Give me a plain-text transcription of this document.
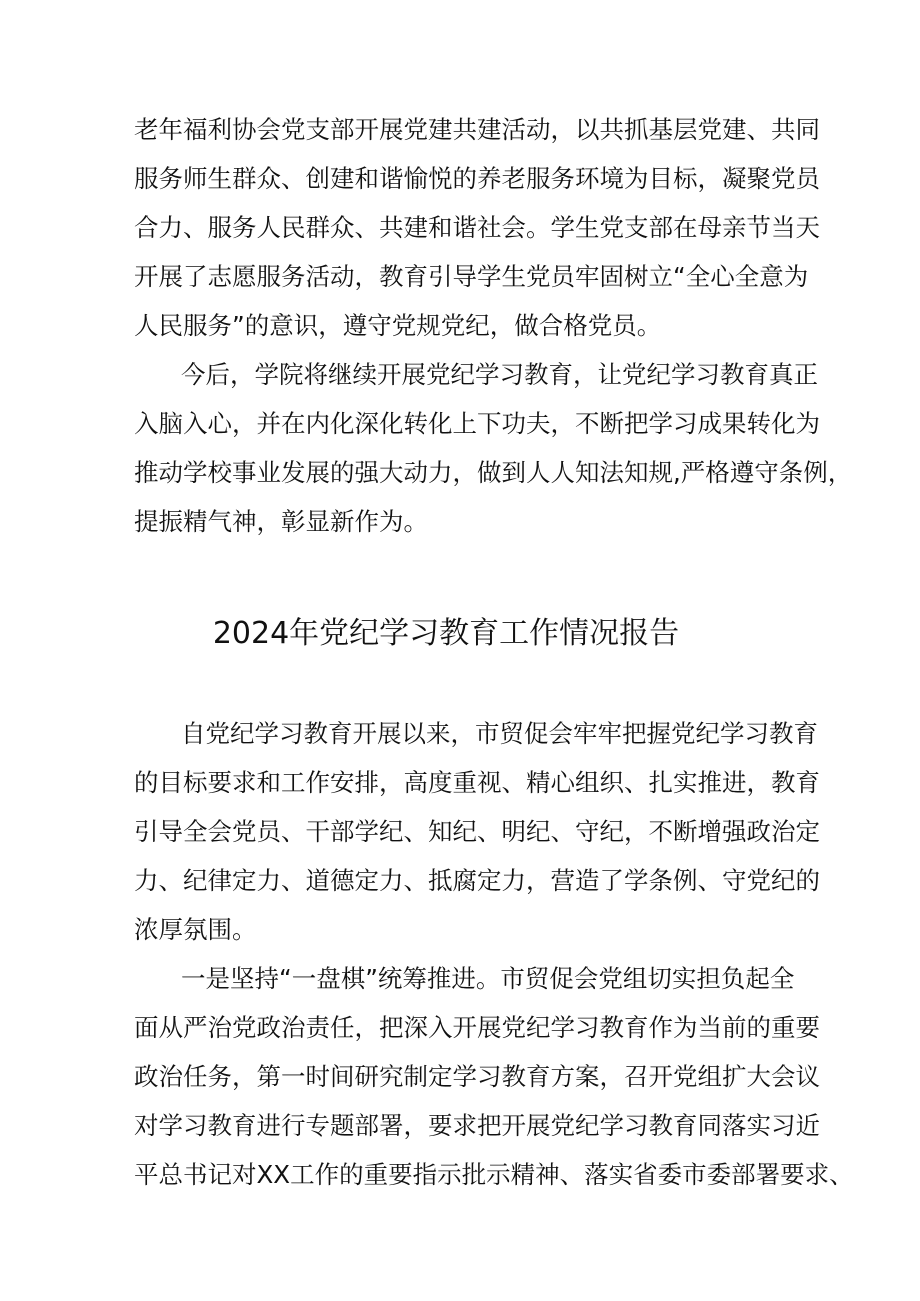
老年福利协会党支部开展党建共建活动，以共抓基层党建、共同
服务师生群众、创建和谐愉悦的养老服务环境为目标，凝聚党员
合力、服务人民群众、共建和谐社会。学生党支部在母亲节当天
开展了志愿服务活动，教育引导学生党员牢固树立“全心全意为
人民服务”的意识，遵守党规党纪，做合格党员。
今后，学院将继续开展党纪学习教育，让党纪学习教育真正
入脑入心，并在内化深化转化上下功夫，不断把学习成果转化为
推动学校事业发展的强大动力，做到人人知法知规,严格遵守条例，
提振精气神，彰显新作为。
2024年党纪学习教育工作情况报告
自党纪学习教育开展以来，市贸促会牢牢把握党纪学习教育
的目标要求和工作安排，高度重视、精心组织、扎实推进，教育
引导全会党员、干部学纪、知纪、明纪、守纪，不断增强政治定
力、纪律定力、道德定力、抵腐定力，营造了学条例、守党纪的
浓厚氛围。
一是坚持“一盘棋”统筹推进。市贸促会党组切实担负起全
面从严治党政治责任，把深入开展党纪学习教育作为当前的重要
政治任务，第一时间研究制定学习教育方案，召开党组扩大会议
对学习教育进行专题部署，要求把开展党纪学习教育同落实习近
平总书记对XX工作的重要指示批示精神、落实省委市委部署要求、
